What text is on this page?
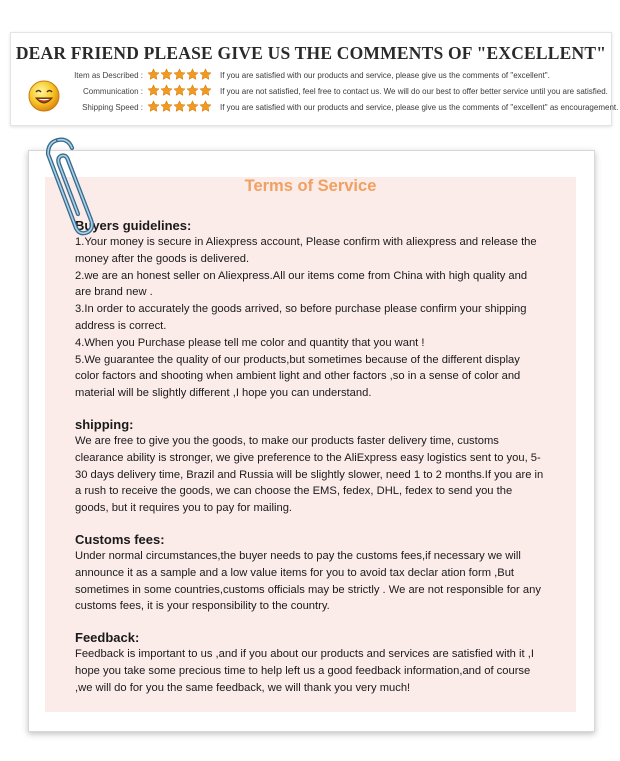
DEAR FRIEND PLEASE GIVE US THE COMMENTS OF "EXCELLENT"
Item as Described :	If you are satisfied with our products and service, please give us the comments of "excellent".
Communication :	If you are not satisfied, feel free to contact us. We will do our best to offer better service until you are satisfied.
Shipping Speed :	If you are satisfied with our products and service, please give us the comments of "excellent" as encouragement.
Terms of Service

Buyers guidelines:

1.Your money is secure in Aliexpress account, Please confirm with aliexpress and release the money after the goods is delivered.

2.we are an honest seller on Aliexpress.All our items come from China with high quality and are brand new .

3.In order to accurately the goods arrived, so before purchase please confirm your shipping address is correct.

4.When you Purchase please tell me color and quantity that you want !

5.We guarantee the quality of our products,but sometimes because of the different display color factors and shooting when ambient light and other factors ,so in a sense of color and material will be slightly different ,I hope you can understand.

shipping:

We are free to give you the goods, to make our products faster delivery time, customs clearance ability is stronger, we give preference to the AliExpress easy logistics sent to you, 5-30 days delivery time, Brazil and Russia will be slightly slower, need 1 to 2 months.If you are in a rush to receive the goods, we can choose the EMS, fedex, DHL, fedex to send you the goods, but it requires you to pay for mailing.

Customs fees:

Under normal circumstances,the buyer needs to pay the customs fees,if necessary we will announce it as a sample and a low value items for you to avoid tax declar ation form ,But sometimes in some countries,customs officials may be strictly . We are not responsible for any customs fees, it is your responsibility to the country.

Feedback:

Feedback is important to us ,and if you about our products and services are satisfied with it ,I hope you take some precious time to help left us a good feedback information,and of course ,we will do for you the same feedback, we will thank you very much!
